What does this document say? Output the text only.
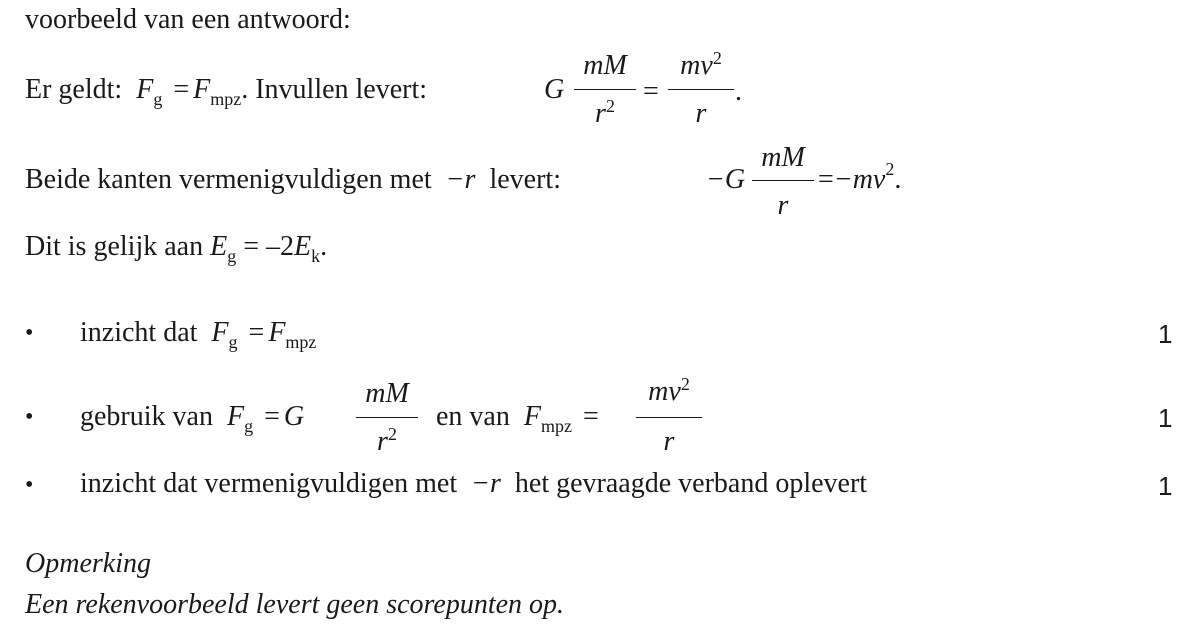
voorbeeld van een antwoord:
Er geldt: $F_g = F_{mpz}$. Invullen levert:	G
mM
$r^2$	=
$mv^2$
r
.
Beide kanten vermenigvuldigen met −r levert:	−G
mM
r
$=-mv^2$.
Dit is gelijk aan $E_g = -2E_k$.
• inzicht dat $F_g = F_{mpz}$	1
• gebruik van $F_g = G$
mM
$r^2$
en van $F_{mpz}$ =
$mv^2$
r
1
• inzicht dat vermenigvuldigen met −r het gevraagde verband oplevert	1
Opmerking
Een rekenvoorbeeld levert geen scorepunten op.
